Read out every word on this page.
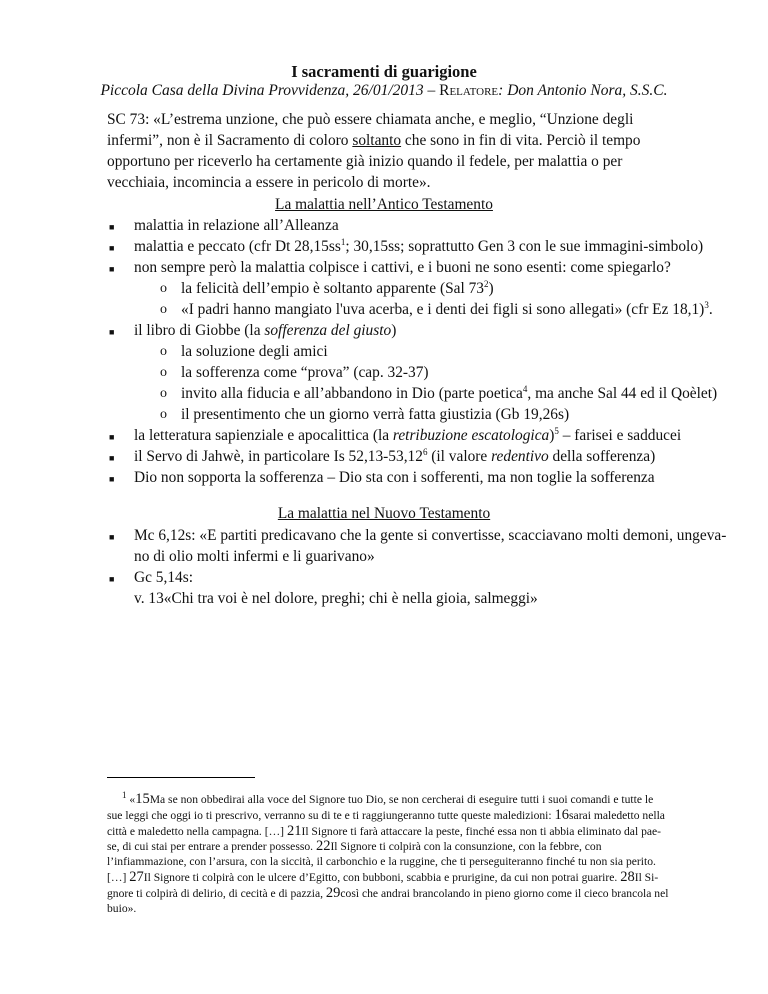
I sacramenti di guarigione
Piccola Casa della Divina Provvidenza, 26/01/2013 – Relatore: Don Antonio Nora, S.S.C.
SC 73: «L’estrema unzione, che può essere chiamata anche, e meglio, “Unzione degli infermi”, non è il Sacramento di coloro soltanto che sono in fin di vita. Perciò il tempo opportuno per riceverlo ha certamente già inizio quando il fedele, per malattia o per vecchiaia, incomincia a essere in pericolo di morte».
La malattia nell’Antico Testamento
■ malattia in relazione all’Alleanza
■ malattia e peccato (cfr Dt $28,15ss^1$; 30,15ss; soprattutto Gen 3 con le sue immagini-simbolo)
■ non sempre però la malattia colpisce i cattivi, e i buoni ne sono esenti: come spiegarlo?
o la felicità dell’empio è soltanto apparente (Sal $73^2$)
o «I padri hanno mangiato l'uva acerba, e i denti dei figli si sono allegati» (cfr Ez 18,1)$^3$.
■ il libro di Giobbe (la sofferenza del giusto)
o la soluzione degli amici
o la sofferenza come “prova” (cap. 32-37)
o invito alla fiducia e all’abbandono in Dio (parte poetica$^4$, ma anche Sal 44 ed il Qoèlet)
o il presentimento che un giorno verrà fatta giustizia (Gb 19,26s)
■ la letteratura sapienziale e apocalittica (la retribuzione escatologica)$^5$ – farisei e sadducei
■ il Servo di Jahwè, in particolare Is 52,13-53,12$^6$ (il valore redentivo della sofferenza)
■ Dio non sopporta la sofferenza – Dio sta con i sofferenti, ma non toglie la sofferenza
La malattia nel Nuovo Testamento
■ Mc 6,12s: «E partiti predicavano che la gente si convertisse, scacciavano molti demoni, ungeva-
no di olio molti infermi e li guarivano»
■ Gc 5,14s:
v. 13«Chi tra voi è nel dolore, preghi; chi è nella gioia, salmeggi»
$^1$ «15Ma se non obbedirai alla voce del Signore tuo Dio, se non cercherai di eseguire tutti i suoi comandi e tutte le
sue leggi che oggi io ti prescrivo, verranno su di te e ti raggiungeranno tutte queste maledizioni: 16sarai maledetto nella
città e maledetto nella campagna. […] 21Il Signore ti farà attaccare la peste, finché essa non ti abbia eliminato dal pae-
se, di cui stai per entrare a prender possesso. 22Il Signore ti colpirà con la consunzione, con la febbre, con
l’infiammazione, con l’arsura, con la siccità, il carbonchio e la ruggine, che ti perseguiteranno finché tu non sia perito.
[…] 27Il Signore ti colpirà con le ulcere d’Egitto, con bubboni, scabbia e prurigine, da cui non potrai guarire. 28Il Si-
gnore ti colpirà di delirio, di cecità e di pazzia, 29così che andrai brancolando in pieno giorno come il cieco brancola nel
buio».
